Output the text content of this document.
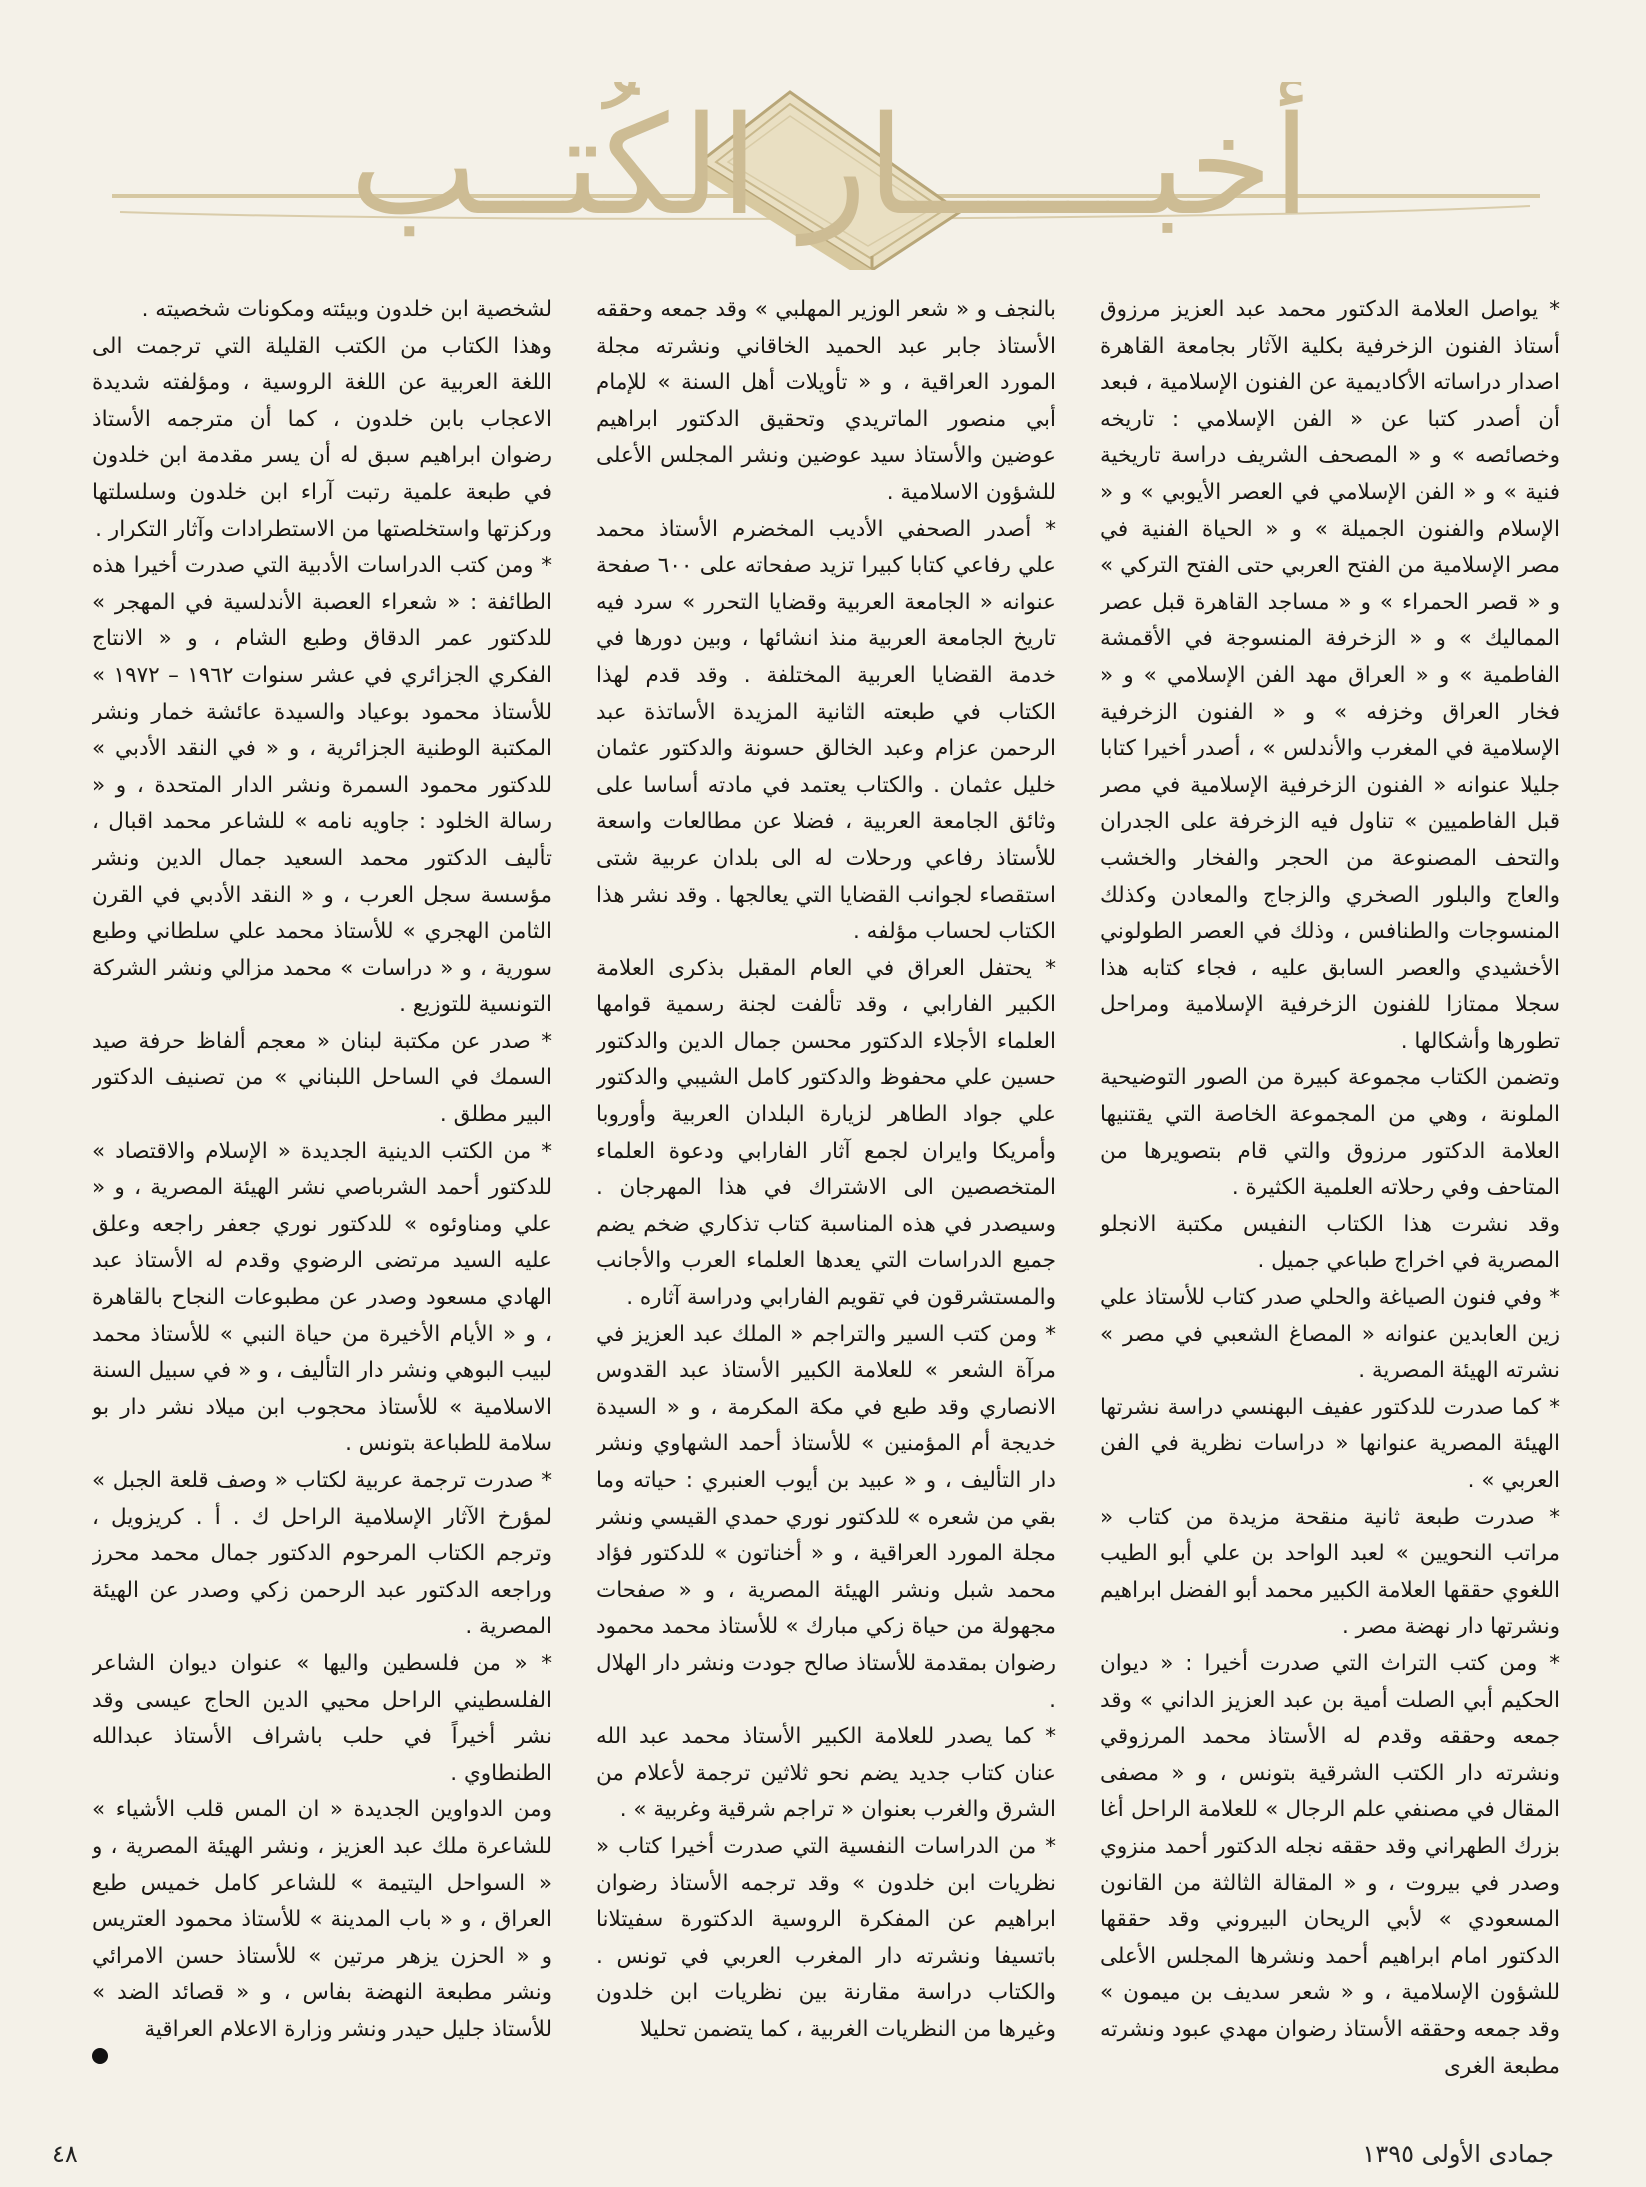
أخبــــــار الكُتــب

* يواصل العلامة الدكتور محمد عبد العزيز مرزوق أستاذ الفنون الزخرفية بكلية الآثار بجامعة القاهرة اصدار دراساته الأكاديمية عن الفنون الإسلامية ، فبعد أن أصدر كتبا عن « الفن الإسلامي : تاريخه وخصائصه » و « المصحف الشريف دراسة تاريخية فنية » و « الفن الإسلامي في العصر الأيوبي » و « الإسلام والفنون الجميلة » و « الحياة الفنية في مصر الإسلامية من الفتح العربي حتى الفتح التركي » و « قصر الحمراء » و « مساجد القاهرة قبل عصر المماليك » و « الزخرفة المنسوجة في الأقمشة الفاطمية » و « العراق مهد الفن الإسلامي » و « فخار العراق وخزفه » و « الفنون الزخرفية الإسلامية في المغرب والأندلس » ، أصدر أخيرا كتابا جليلا عنوانه « الفنون الزخرفية الإسلامية في مصر قبل الفاطميين » تناول فيه الزخرفة على الجدران والتحف المصنوعة من الحجر والفخار والخشب والعاج والبلور الصخري والزجاج والمعادن وكذلك المنسوجات والطنافس ، وذلك في العصر الطولوني الأخشيدي والعصر السابق عليه ، فجاء كتابه هذا سجلا ممتازا للفنون الزخرفية الإسلامية ومراحل تطورها وأشكالها .

وتضمن الكتاب مجموعة كبيرة من الصور التوضيحية الملونة ، وهي من المجموعة الخاصة التي يقتنيها العلامة الدكتور مرزوق والتي قام بتصويرها من المتاحف وفي رحلاته العلمية الكثيرة .

وقد نشرت هذا الكتاب النفيس مكتبة الانجلو المصرية في اخراج طباعي جميل .

* وفي فنون الصياغة والحلي صدر كتاب للأستاذ علي زين العابدين عنوانه « المصاغ الشعبي في مصر » نشرته الهيئة المصرية .

* كما صدرت للدكتور عفيف البهنسي دراسة نشرتها الهيئة المصرية عنوانها « دراسات نظرية في الفن العربي » .

* صدرت طبعة ثانية منقحة مزيدة من كتاب « مراتب النحويين » لعبد الواحد بن علي أبو الطيب اللغوي حققها العلامة الكبير محمد أبو الفضل ابراهيم ونشرتها دار نهضة مصر .

* ومن كتب التراث التي صدرت أخيرا : « ديوان الحكيم أبي الصلت أمية بن عبد العزيز الداني » وقد جمعه وحققه وقدم له الأستاذ محمد المرزوقي ونشرته دار الكتب الشرقية بتونس ، و « مصفى المقال في مصنفي علم الرجال » للعلامة الراحل أغا بزرك الطهراني وقد حققه نجله الدكتور أحمد منزوي وصدر في بيروت ، و « المقالة الثالثة من القانون المسعودي » لأبي الريحان البيروني وقد حققها الدكتور امام ابراهيم أحمد ونشرها المجلس الأعلى للشؤون الإسلامية ، و « شعر سديف بن ميمون » وقد جمعه وحققه الأستاذ رضوان مهدي عبود ونشرته مطبعة الغرى

بالنجف و « شعر الوزير المهلبي » وقد جمعه وحققه الأستاذ جابر عبد الحميد الخاقاني ونشرته مجلة المورد العراقية ، و « تأويلات أهل السنة » للإمام أبي منصور الماتريدي وتحقيق الدكتور ابراهيم عوضين والأستاذ سيد عوضين ونشر المجلس الأعلى للشؤون الاسلامية .

* أصدر الصحفي الأديب المخضرم الأستاذ محمد علي رفاعي كتابا كبيرا تزيد صفحاته على ٦٠٠ صفحة عنوانه « الجامعة العربية وقضايا التحرر » سرد فيه تاريخ الجامعة العربية منذ انشائها ، وبين دورها في خدمة القضايا العربية المختلفة . وقد قدم لهذا الكتاب في طبعته الثانية المزيدة الأساتذة عبد الرحمن عزام وعبد الخالق حسونة والدكتور عثمان خليل عثمان . والكتاب يعتمد في مادته أساسا على وثائق الجامعة العربية ، فضلا عن مطالعات واسعة للأستاذ رفاعي ورحلات له الى بلدان عربية شتى استقصاء لجوانب القضايا التي يعالجها . وقد نشر هذا الكتاب لحساب مؤلفه .

* يحتفل العراق في العام المقبل بذكرى العلامة الكبير الفارابي ، وقد تألفت لجنة رسمية قوامها العلماء الأجلاء الدكتور محسن جمال الدين والدكتور حسين علي محفوظ والدكتور كامل الشيبي والدكتور علي جواد الطاهر لزيارة البلدان العربية وأوروبا وأمريكا وايران لجمع آثار الفارابي ودعوة العلماء المتخصصين الى الاشتراك في هذا المهرجان . وسيصدر في هذه المناسبة كتاب تذكاري ضخم يضم جميع الدراسات التي يعدها العلماء العرب والأجانب والمستشرقون في تقويم الفارابي ودراسة آثاره .

* ومن كتب السير والتراجم « الملك عبد العزيز في مرآة الشعر » للعلامة الكبير الأستاذ عبد القدوس الانصاري وقد طبع في مكة المكرمة ، و « السيدة خديجة أم المؤمنين » للأستاذ أحمد الشهاوي ونشر دار التأليف ، و « عبيد بن أيوب العنبري : حياته وما بقي من شعره » للدكتور نوري حمدي القيسي ونشر مجلة المورد العراقية ، و « أخناتون » للدكتور فؤاد محمد شبل ونشر الهيئة المصرية ، و « صفحات مجهولة من حياة زكي مبارك » للأستاذ محمد محمود رضوان بمقدمة للأستاذ صالح جودت ونشر دار الهلال .

* كما يصدر للعلامة الكبير الأستاذ محمد عبد الله عنان كتاب جديد يضم نحو ثلاثين ترجمة لأعلام من الشرق والغرب بعنوان « تراجم شرقية وغربية » .

* من الدراسات النفسية التي صدرت أخيرا كتاب « نظريات ابن خلدون » وقد ترجمه الأستاذ رضوان ابراهيم عن المفكرة الروسية الدكتورة سفيتلانا باتسيفا ونشرته دار المغرب العربي في تونس . والكتاب دراسة مقارنة بين نظريات ابن خلدون وغيرها من النظريات الغربية ، كما يتضمن تحليلا

لشخصية ابن خلدون وبيئته ومكونات شخصيته .

وهذا الكتاب من الكتب القليلة التي ترجمت الى اللغة العربية عن اللغة الروسية ، ومؤلفته شديدة الاعجاب بابن خلدون ، كما أن مترجمه الأستاذ رضوان ابراهيم سبق له أن يسر مقدمة ابن خلدون في طبعة علمية رتبت آراء ابن خلدون وسلسلتها وركزتها واستخلصتها من الاستطرادات وآثار التكرار .

* ومن كتب الدراسات الأدبية التي صدرت أخيرا هذه الطائفة : « شعراء العصبة الأندلسية في المهجر » للدكتور عمر الدقاق وطبع الشام ، و « الانتاج الفكري الجزائري في عشر سنوات ١٩٦٢ – ١٩٧٢ » للأستاذ محمود بوعياد والسيدة عائشة خمار ونشر المكتبة الوطنية الجزائرية ، و « في النقد الأدبي » للدكتور محمود السمرة ونشر الدار المتحدة ، و « رسالة الخلود : جاويه نامه » للشاعر محمد اقبال ، تأليف الدكتور محمد السعيد جمال الدين ونشر مؤسسة سجل العرب ، و « النقد الأدبي في القرن الثامن الهجري » للأستاذ محمد علي سلطاني وطبع سورية ، و « دراسات » محمد مزالي ونشر الشركة التونسية للتوزيع .

* صدر عن مكتبة لبنان « معجم ألفاظ حرفة صيد السمك في الساحل اللبناني » من تصنيف الدكتور البير مطلق .

* من الكتب الدينية الجديدة « الإسلام والاقتصاد » للدكتور أحمد الشرباصي نشر الهيئة المصرية ، و « علي ومناوئوه » للدكتور نوري جعفر راجعه وعلق عليه السيد مرتضى الرضوي وقدم له الأستاذ عبد الهادي مسعود وصدر عن مطبوعات النجاح بالقاهرة ، و « الأيام الأخيرة من حياة النبي » للأستاذ محمد لبيب البوهي ونشر دار التأليف ، و « في سبيل السنة الاسلامية » للأستاذ محجوب ابن ميلاد نشر دار بو سلامة للطباعة بتونس .

* صدرت ترجمة عربية لكتاب « وصف قلعة الجبل » لمؤرخ الآثار الإسلامية الراحل ك . أ . كريزويل ، وترجم الكتاب المرحوم الدكتور جمال محمد محرز وراجعه الدكتور عبد الرحمن زكي وصدر عن الهيئة المصرية .

* « من فلسطين واليها » عنوان ديوان الشاعر الفلسطيني الراحل محيي الدين الحاج عيسى وقد نشر أخيراً في حلب باشراف الأستاذ عبدالله الطنطاوي .

ومن الدواوين الجديدة « ان المس قلب الأشياء » للشاعرة ملك عبد العزيز ، ونشر الهيئة المصرية ، و « السواحل اليتيمة » للشاعر كامل خميس طبع العراق ، و « باب المدينة » للأستاذ محمود العتريس و « الحزن يزهر مرتين » للأستاذ حسن الامرائي ونشر مطبعة النهضة بفاس ، و « قصائد الضد » للأستاذ جليل حيدر ونشر وزارة الاعلام العراقية

جمادى الأولى ١٣٩٥
٤٨
